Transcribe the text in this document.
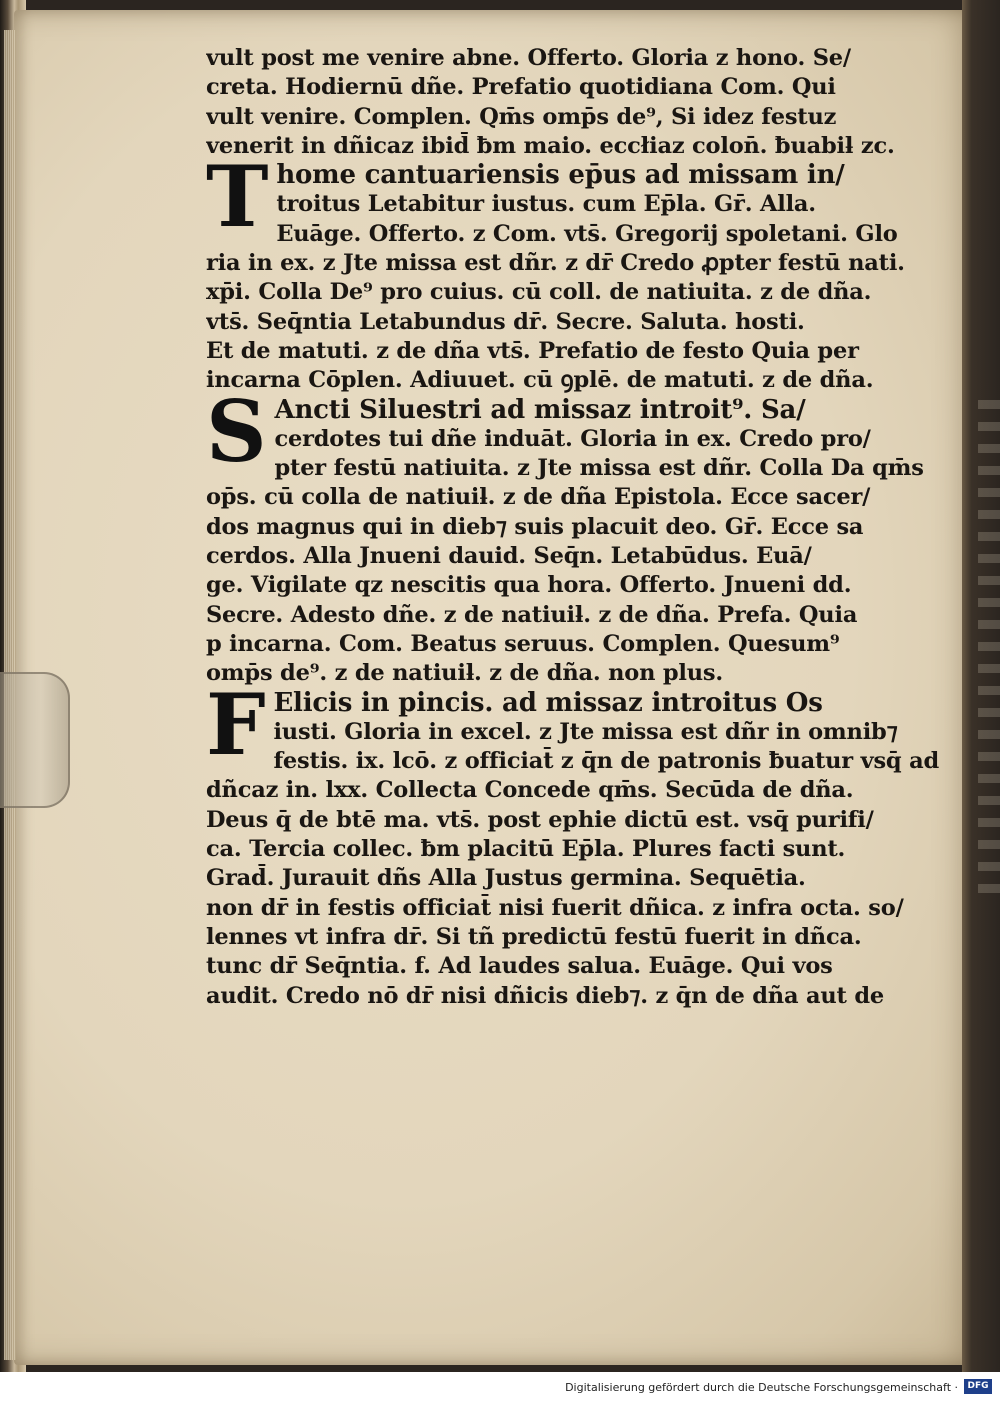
vult post me venire abne. Offerto. Gloria z hono. Se/
creta. Hodiernū dñe. Prefatio quotidiana Com. Qui
vult venire. Complen. Qm̄s omp̄s de⁹, Si idez festuz
venerit in dñicaz ibid̄ ƀm maio. eccłiaz colon̄. ƀuabiƚ zc.
T home cantuariensis ep̄us ad missam in/
troitus Letabitur iustus. cum Ep̄la. Gr̄. Alla.
Euāge. Offerto. z Com. vts̄. Gregorij spoletani. Glo
ria in ex. z Jte missa est dñr. z dr̄ Credo ꝓpter festū nati.
xp̄i. Colla De⁹ pro cuius. cū coll. de natiuita. z de dña.
vts̄. Seq̄ntia Letabundus dr̄. Secre. Saluta. hosti.
Et de matuti. z de dña vts̄. Prefatio de festo Quia per
incarna Cōplen. Adiuuet. cū ꝯplē. de matuti. z de dña.
S Ancti Siluestri ad missaz introit⁹. Sa/
cerdotes tui dñe induāt. Gloria in ex. Credo pro/
pter festū natiuita. z Jte missa est dñr. Colla Da qm̄s
op̄s. cū colla de natiuiƚ. z de dña Epistola. Ecce sacer/
dos magnus qui in dieb⁊ suis placuit deo. Gr̄. Ecce sa
cerdos. Alla Jnueni dauid. Seq̄n. Letabūdus. Euā/
ge. Vigilate qz nescitis qua hora. Offerto. Jnueni dd.
Secre. Adesto dñe. z de natiuiƚ. z de dña. Prefa. Quia
p incarna. Com. Beatus seruus. Complen. Quesum⁹
omp̄s de⁹. z de natiuiƚ. z de dña. non plus.
F Elicis in pincis. ad missaz introitus Os
iusti. Gloria in excel. z Jte missa est dñr in omnib⁊
festis. ix. lcō. z officiat̄ z q̄n de patronis ƀuatur vsq̄ ad
dñcaz in. lxx. Collecta Concede qm̄s. Secūda de dña.
Deus q̄ de btē ma. vts̄. post ephie dictū est. vsq̄ purifi/
ca. Tercia collec. ƀm placitū Ep̄la. Plures facti sunt.
Grad̄. Jurauit dñs Alla Justus germina. Sequētia.
non dr̄ in festis officiat̄ nisi fuerit dñica. z infra octa. so/
lennes vt infra dr̄. Si tñ predictū festū fuerit in dñca.
tunc dr̄ Seq̄ntia. f. Ad laudes salua. Euāge. Qui vos
audit. Credo nō dr̄ nisi dñicis dieb⁊. z q̄n de dña aut de
Digitalisierung gefördert durch die Deutsche Forschungsgemeinschaft ·	DFG
